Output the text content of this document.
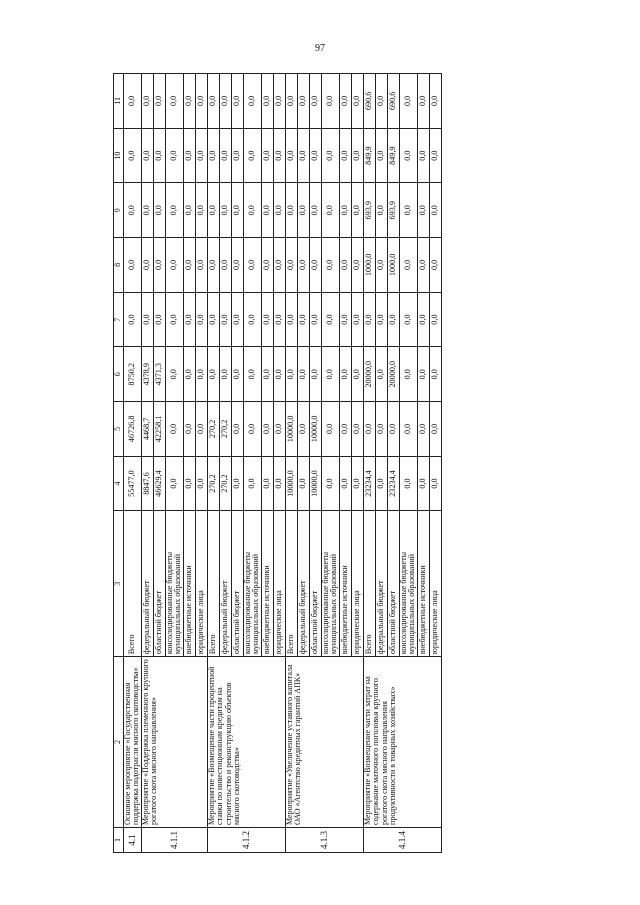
97
1	2	3	4	5	6	7	8	9	10	11
4.1	Основное мероприятие «Государственная поддержка подотрасли мясного скотоводства»	Всего	55477,0	46726,8	8750,2	0,0	0,0	0,0	0,0	0,0
4.1.1	Мероприятие «Поддержка племенного крупного рогатого скота мясного направления»	федеральный бюджет	8847,6	4468,7	4378,9	0,0	0,0	0,0	0,0	0,0
		областной бюджет	46629,4	42258,1	4371,3	0,0	0,0	0,0	0,0	0,0
		консолидированные бюджеты муниципальных образований	0,0	0,0	0,0	0,0	0,0	0,0	0,0	0,0
		внебюджетные источники	0,0	0,0	0,0	0,0	0,0	0,0	0,0	0,0
		юридические лица	0,0	0,0	0,0	0,0	0,0	0,0	0,0	0,0
4.1.2	Мероприятие «Возмещение части процентной ставки по инвестиционным кредитам на строительство и реконструкцию объектов мясного скотоводства»	Всего	270,2	270,2	0,0	0,0	0,0	0,0	0,0	0,0
		федеральный бюджет	270,2	270,2	0,0	0,0	0,0	0,0	0,0	0,0
		областной бюджет	0,0	0,0	0,0	0,0	0,0	0,0	0,0	0,0
		консолидированные бюджеты муниципальных образований	0,0	0,0	0,0	0,0	0,0	0,0	0,0	0,0
		внебюджетные источники	0,0	0,0	0,0	0,0	0,0	0,0	0,0	0,0
		юридические лица	0,0	0,0	0,0	0,0	0,0	0,0	0,0	0,0
4.1.3	Мероприятие «Увеличение уставного капитала ОАО «Агентство кредитных гарантий АПК»	Всего	10000,0	10000,0	0,0	0,0	0,0	0,0	0,0	0,0
		федеральный бюджет	0,0	0,0	0,0	0,0	0,0	0,0	0,0	0,0
		областной бюджет	10000,0	10000,0	0,0	0,0	0,0	0,0	0,0	0,0
		консолидированные бюджеты муниципальных образований	0,0	0,0	0,0	0,0	0,0	0,0	0,0	0,0
		внебюджетные источники	0,0	0,0	0,0	0,0	0,0	0,0	0,0	0,0
		юридические лица	0,0	0,0	0,0	0,0	0,0	0,0	0,0	0,0
4.1.4	Мероприятие «Возмещение части затрат на содержание маточного поголовья крупного рогатого скота мясного направления продуктивности в товарных хозяйствах»	Всего	23234,4	0,0	20000,0	0,0	1000,0	693,9	849,9	690,6
		федеральный бюджет	0,0	0,0	0,0	0,0	0,0	0,0	0,0	0,0
		областной бюджет	23234,4	0,0	20000,0	0,0	1000,0	693,9	849,9	690,6
		консолидированные бюджеты муниципальных образований	0,0	0,0	0,0	0,0	0,0	0,0	0,0	0,0
		внебюджетные источники	0,0	0,0	0,0	0,0	0,0	0,0	0,0	0,0
		юридические лица	0,0	0,0	0,0	0,0	0,0	0,0	0,0	0,0
